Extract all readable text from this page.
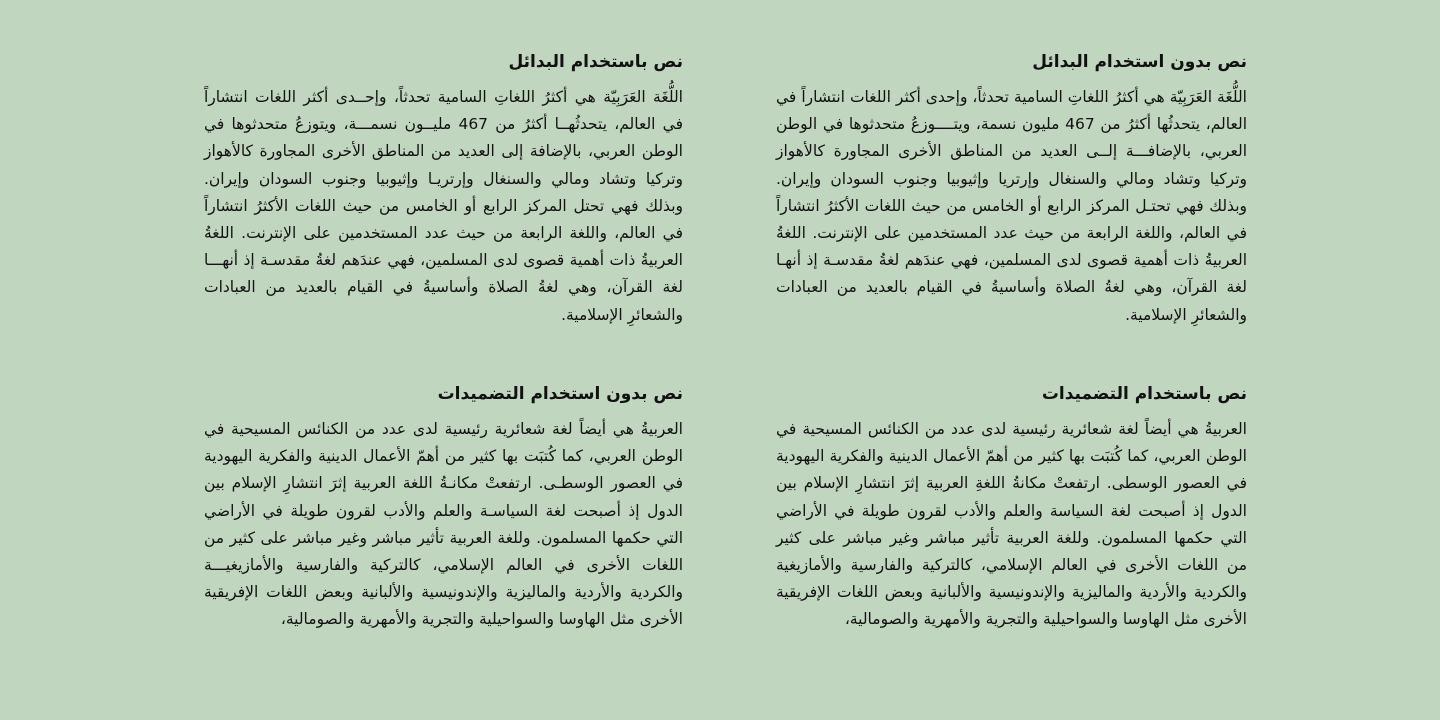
نص بدون استخدام البدائل

اللُّغَة العَرَبِيّة هي أكثرُ اللغاتِ السامية تحدثاً، وإحدى أكثر اللغات انتشاراً في العالم، يتحدثُها أكثرُ من 467 مليون نسمة، ويتــــوزعُ متحدثوها في الوطن العربي، بالإضافـــة إلــى العديد من المناطق الأخرى المجاورة كالأهواز وتركيا وتشاد ومالي والسنغال وإرتريا وإثيوبيا وجنوب السودان وإيران. وبذلك فهي تحتـل المركز الرابع أو الخامس من حيث اللغات الأكثرُ انتشاراً في العالم، واللغة الرابعة من حيث عدد المستخدمين على الإنترنت. اللغةُ العربيةُ ذات أهمية قصوى لدى المسلمين، فهي عندَهم لغةُ مقدسـة إذ أنهـا لغة القرآن، وهي لغةُ الصلاة وأساسيةُ في القيام بالعديد من العبادات والشعائرِ الإسلامية.

نص باستخدام البدائل

اللُّغَة العَرَبِيّة هي أكثرُ اللغاتِ السامية تحدثاً، وإحــدى أكثر اللغات انتشاراً في العالم، يتحدثُهــا أكثرُ من 467 مليــون نسمـــة، ويتوزعُ متحدثوها في الوطن العربي، بالإضافة إلى العديد من المناطق الأخرى المجاورة كالأهواز وتركيا وتشاد ومالي والسنغال وإرتريـا وإثيوبيا وجنوب السودان وإيران. وبذلك فهي تحتل المركز الرابع أو الخامس من حيث اللغات الأكثرُ انتشاراً في العالم، واللغة الرابعة من حيث عدد المستخدمين على الإنترنت. اللغةُ العربيةُ ذات أهمية قصوى لدى المسلمين، فهي عندَهم لغةُ مقدسـة إذ أنهـــا لغة القرآن، وهي لغةُ الصلاة وأساسيةُ في القيام بالعديد من العبادات والشعائرِ الإسلامية.

نص باستخدام التضميدات

العربيةُ هي أيضاً لغة شعائرية رئيسية لدى عدد من الكنائس المسيحية في الوطن العربي، كما كُتبَت بها كثير من أهمّ الأعمال الدينية والفكرية اليهودية في العصور الوسطى. ارتفعتْ مكانةُ اللغةِ العربية إثرَ انتشارِ الإسلام بين الدول إذ أصبحت لغة السياسة والعلم والأدب لقرون طويلة في الأراضي التي حكمها المسلمون. وللغة العربية تأثير مباشر وغير مباشر على كثير من اللغات الأخرى في العالم الإسلامي، كالتركية والفارسية والأمازيغية والكردية والأردية والماليزية والإندونيسية والألبانية وبعض اللغات الإفريقية الأخرى مثل الهاوسا والسواحيلية والتجرية والأمهرية والصومالية،

نص بدون استخدام التضميدات

العربيةُ هي أيضاً لغة شعائرية رئيسية لدى عدد من الكنائس المسيحية في الوطن العربي، كما كُتبَت بها كثير من أهمّ الأعمال الدينية والفكرية اليهودية في العصور الوسطـى. ارتفعتْ مكانـةُ اللغة العربية إثرَ انتشارِ الإسلام بين الدول إذ أصبحت لغة السياسـة والعلم والأدب لقرون طويلة في الأراضي التي حكمها المسلمون. وللغة العربية تأثير مباشر وغير مباشر على كثير من اللغات الأخرى في العالم الإسلامي، كالتركية والفارسية والأمازيغيـــة والكردية والأردية والماليزية والإندونيسية والألبانية وبعض اللغات الإفريقية الأخرى مثل الهاوسا والسواحيلية والتجرية والأمهرية والصومالية،
